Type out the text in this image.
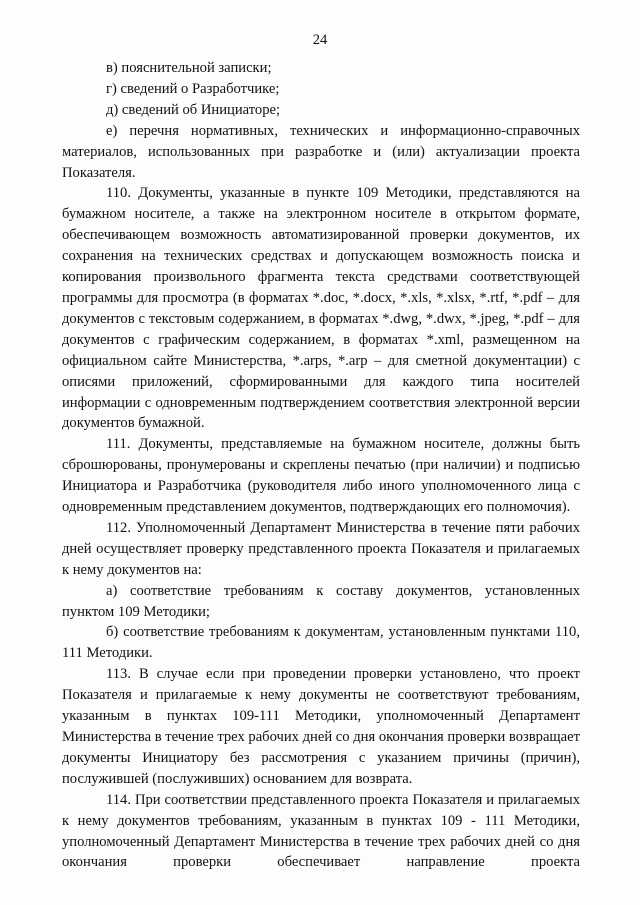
24

в) пояснительной записки;

г) сведений о Разработчике;

д) сведений об Инициаторе;

е) перечня нормативных, технических и информационно-справочных материалов, использованных при разработке и (или) актуализации проекта Показателя.

110. Документы, указанные в пункте 109 Методики, представляются на бумажном носителе, а также на электронном носителе в открытом формате, обеспечивающем возможность автоматизированной проверки документов, их сохранения на технических средствах и допускающем возможность поиска и копирования произвольного фрагмента текста средствами соответствующей программы для просмотра (в форматах *.doc, *.docx, *.xls, *.xlsx, *.rtf, *.pdf – для документов с текстовым содержанием, в форматах *.dwg, *.dwx, *.jpeg, *.pdf – для документов с графическим содержанием, в форматах *.xml, размещенном на официальном сайте Министерства, *.arps, *.arp – для сметной документации) с описями приложений, сформированными для каждого типа носителей информации с одновременным подтверждением соответствия электронной версии документов бумажной.

111. Документы, представляемые на бумажном носителе, должны быть сброшюрованы, пронумерованы и скреплены печатью (при наличии) и подписью Инициатора и Разработчика (руководителя либо иного уполномоченного лица с одновременным представлением документов, подтверждающих его полномочия).

112. Уполномоченный Департамент Министерства в течение пяти рабочих дней осуществляет проверку представленного проекта Показателя и прилагаемых к нему документов на:

а) соответствие требованиям к составу документов, установленных пунктом 109 Методики;

б) соответствие требованиям к документам, установленным пунктами 110, 111 Методики.

113. В случае если при проведении проверки установлено, что проект Показателя и прилагаемые к нему документы не соответствуют требованиям, указанным в пунктах 109-111 Методики, уполномоченный Департамент Министерства в течение трех рабочих дней со дня окончания проверки возвращает документы Инициатору без рассмотрения с указанием причины (причин), послужившей (послуживших) основанием для возврата.

114. При соответствии представленного проекта Показателя и прилагаемых к нему документов требованиям, указанным в пунктах 109 - 111 Методики, уполномоченный Департамент Министерства в течение трех рабочих дней со дня окончания проверки обеспечивает направление проекта
